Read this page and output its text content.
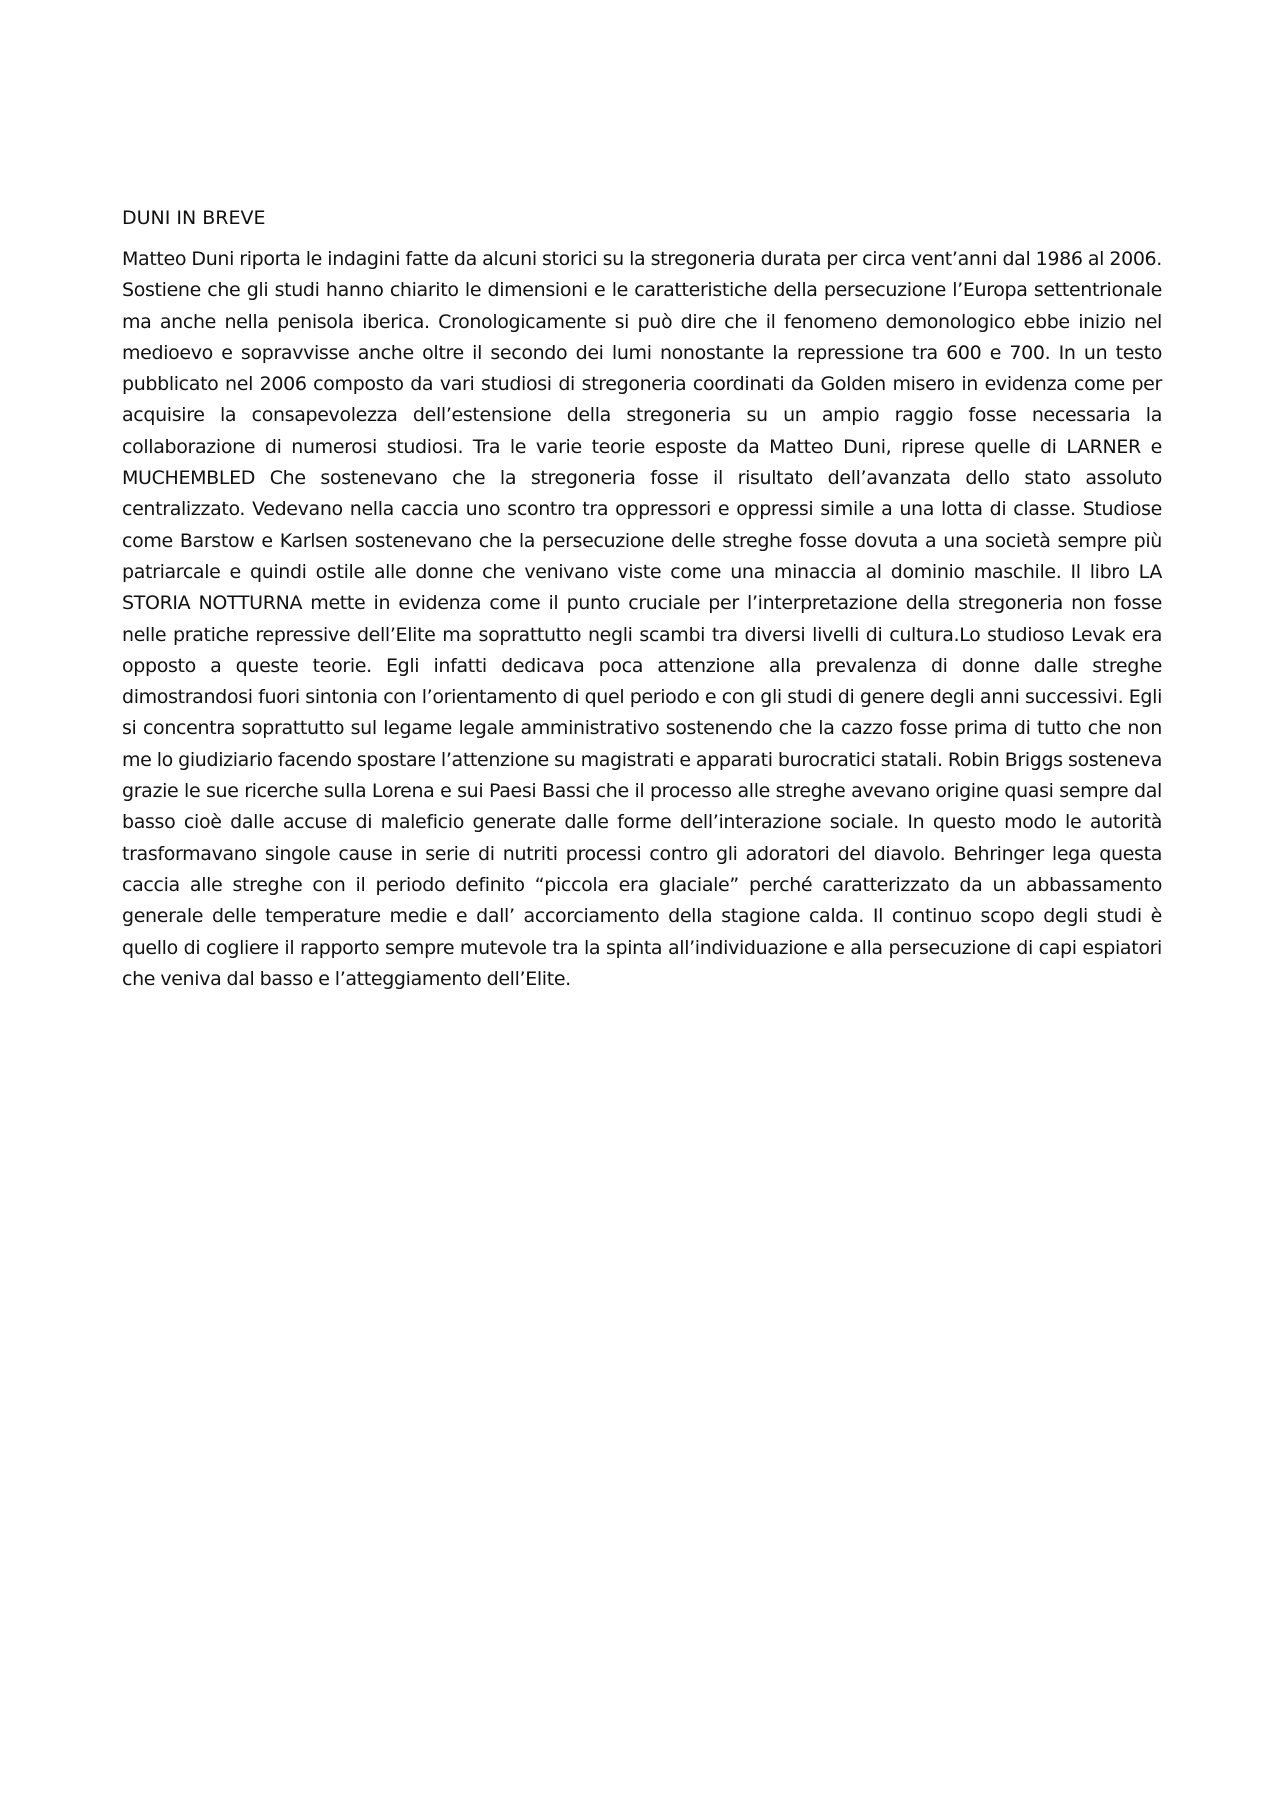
DUNI IN BREVE

Matteo Duni riporta le indagini fatte da alcuni storici su la stregoneria durata per circa vent’anni dal 1986 al 2006. Sostiene che gli studi hanno chiarito le dimensioni e le caratteristiche della persecuzione l’Europa settentrionale ma anche nella penisola iberica. Cronologicamente si può dire che il fenomeno demonologico ebbe inizio nel medioevo e sopravvisse anche oltre il secondo dei lumi nonostante la repressione tra 600 e 700. In un testo pubblicato nel 2006 composto da vari studiosi di stregoneria coordinati da Golden misero in evidenza come per acquisire la consapevolezza dell’estensione della stregoneria su un ampio raggio fosse necessaria la collaborazione di numerosi studiosi. Tra le varie teorie esposte da Matteo Duni, riprese quelle di LARNER e MUCHEMBLED Che sostenevano che la stregoneria fosse il risultato dell’avanzata dello stato assoluto centralizzato. Vedevano nella caccia uno scontro tra oppressori e oppressi simile a una lotta di classe. Studiose come Barstow e Karlsen sostenevano che la persecuzione delle streghe fosse dovuta a una società sempre più patriarcale e quindi ostile alle donne che venivano viste come una minaccia al dominio maschile. Il libro LA STORIA NOTTURNA mette in evidenza come il punto cruciale per l’interpretazione della stregoneria non fosse nelle pratiche repressive dell’Elite ma soprattutto negli scambi tra diversi livelli di cultura.Lo studioso Levak era opposto a queste teorie. Egli infatti dedicava poca attenzione alla prevalenza di donne dalle streghe dimostrandosi fuori sintonia con l’orientamento di quel periodo e con gli studi di genere degli anni successivi. Egli si concentra soprattutto sul legame legale amministrativo sostenendo che la cazzo fosse prima di tutto che non me lo giudiziario facendo spostare l’attenzione su magistrati e apparati burocratici statali. Robin Briggs sosteneva grazie le sue ricerche sulla Lorena e sui Paesi Bassi che il processo alle streghe avevano origine quasi sempre dal basso cioè dalle accuse di maleficio generate dalle forme dell’interazione sociale. In questo modo le autorità trasformavano singole cause in serie di nutriti processi contro gli adoratori del diavolo. Behringer lega questa caccia alle streghe con il periodo definito “piccola era glaciale” perché caratterizzato da un abbassamento generale delle temperature medie e dall’ accorciamento della stagione calda. Il continuo scopo degli studi è quello di cogliere il rapporto sempre mutevole tra la spinta all’individuazione e alla persecuzione di capi espiatori che veniva dal basso e l’atteggiamento dell’Elite.
